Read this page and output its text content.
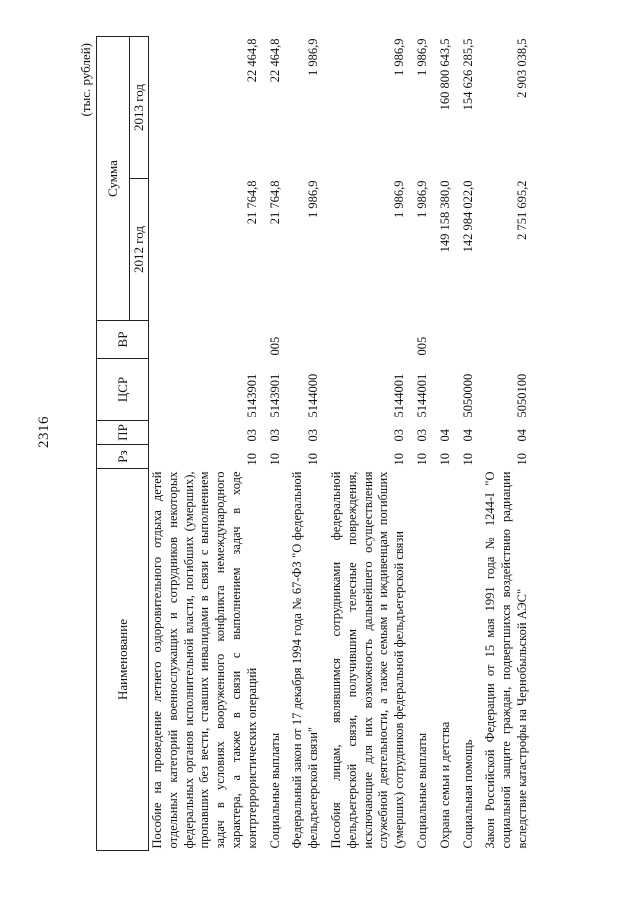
2316
(тыс. рублей)
Наименование	Рз	ПР	ЦСР	ВР	Сумма	
					2012 год	2013 год
Пособие на проведение летнего оздоровительного отдыха детей отдельных категорий военнослужащих и сотрудников некоторых федеральных органов исполнительной власти, погибших (умерших), пропавших без вести, ставших инвалидами в связи с выполнением задач в условиях вооруженного конфликта немеждународного характера, а также в связи с выполнением задач в ходе контртеррористических операций	10	03	5143901		21 764,8	22 464,8
Социальные выплаты	10	03	5143901	005	21 764,8	22 464,8
Федеральный закон от 17 декабря 1994 года № 67-ФЗ "О федеральной фельдъегерской связи"	10	03	5144000		1 986,9	1 986,9
Пособия лицам, являвшимся сотрудниками федеральной фельдъегерской связи, получившим телесные повреждения, исключающие для них возможность дальнейшего осуществления служебной деятельности, а также семьям и иждивенцам погибших (умерших) сотрудников федеральной фельдъегерской связи	10	03	5144001		1 986,9	1 986,9
Социальные выплаты	10	03	5144001	005	1 986,9	1 986,9
Охрана семьи и детства	10	04			149 158 380,0	160 800 643,5
Социальная помощь	10	04	5050000		142 984 022,0	154 626 285,5
Закон Российской Федерации от 15 мая 1991 года № 1244-I "О социальной защите граждан, подвергшихся воздействию радиации вследствие катастрофы на Чернобыльской АЭС"	10	04	5050100		2 751 695,2	2 903 038,5
